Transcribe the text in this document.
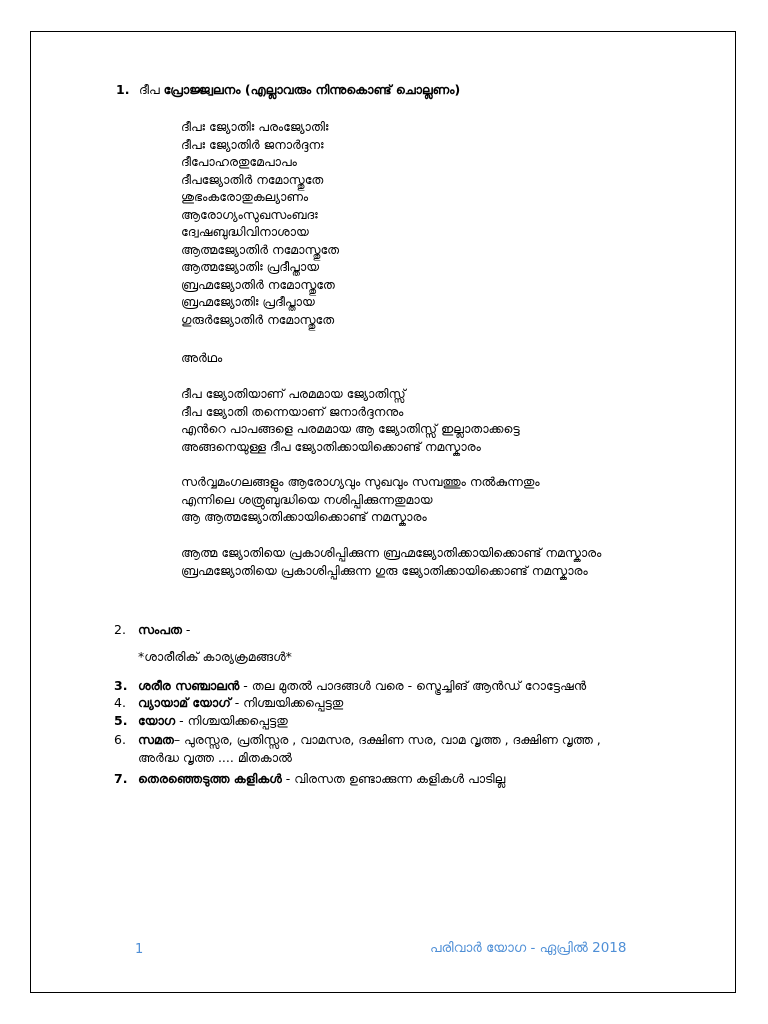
1. ദീപ പ്രോജ്ജ്വലനം (എല്ലാവരും നിന്നുകൊണ്ട് ചൊല്ലണം)
ദീപഃ ജ്യോതിഃ പരംജ്യോതിഃ
ദീപഃ ജ്യോതിർ ജനാർദ്ദനഃ
ദീപോഹരതുമേപാപം
ദീപജ്യോതിർ നമോസ്തുതേ
ശുഭംകരോതുകല്യാണം
ആരോഗ്യംസുഖസംബദഃ
ദ്വേഷബുദ്ധിവിനാശായ
ആത്മജ്യോതിർ നമോസ്തുതേ
ആത്മജ്യോതിഃ പ്രദീപ്തായ
ബ്രഹ്മജ്യോതിർ നമോസ്തുതേ
ബ്രഹ്മജ്യോതിഃ പ്രദീപ്തായ
ഗുരുർജ്യോതിർ നമോസ്തുതേ
അർഥം
ദീപ ജ്യോതിയാണ് പരമമായ ജ്യോതിസ്സ്
ദീപ ജ്യോതി തന്നെയാണ് ജനാർദ്ദനനും
എൻറെ പാപങ്ങളെ പരമമായ ആ ജ്യോതിസ്സ് ഇല്ലാതാക്കട്ടെ
അങ്ങനെയുള്ള ദീപ ജ്യോതിക്കായിക്കൊണ്ട് നമസ്കാരം
സർവ്വമംഗലങ്ങളും ആരോഗ്യവും സുഖവും സമ്പത്തും നൽകുന്നതും
എന്നിലെ ശത്രുബുദ്ധിയെ നശിപ്പിക്കുന്നതുമായ
ആ ആത്മജ്യോതിക്കായിക്കൊണ്ട് നമസ്കാരം
ആത്മ ജ്യോതിയെ പ്രകാശിപ്പിക്കുന്ന ബ്രഹ്മജ്യോതിക്കായിക്കൊണ്ട് നമസ്കാരം
ബ്രഹ്മജ്യോതിയെ പ്രകാശിപ്പിക്കുന്ന ഗുരു ജ്യോതിക്കായിക്കൊണ്ട് നമസ്കാരം
2. സംപത -
*ശാരീരിക് കാര്യക്രമങ്ങൾ*
3. ശരീര സഞ്ചാലൻ - തല മുതൽ പാദങ്ങൾ വരെ - സ്ട്രെച്ചിങ് ആൻഡ് റോട്ടേഷൻ
4. വ്യായാമ് യോഗ് - നിശ്ചയിക്കപ്പെട്ടതു
5. യോഗ - നിശ്ചയിക്കപ്പെട്ടതു
6. സമത– പുരസ്സര, പ്രതിസ്സര , വാമസര, ദക്ഷിണ സര, വാമ വൃത്ത , ദക്ഷിണ വൃത്ത ,
അർദ്ധ വൃത്ത .... മിതകാൽ
7. തെരഞ്ഞെടുത്ത കളികൾ - വിരസത ഉണ്ടാക്കുന്ന കളികൾ പാടില്ല
1	പരിവാർ യോഗ - ഏപ്രിൽ 2018
